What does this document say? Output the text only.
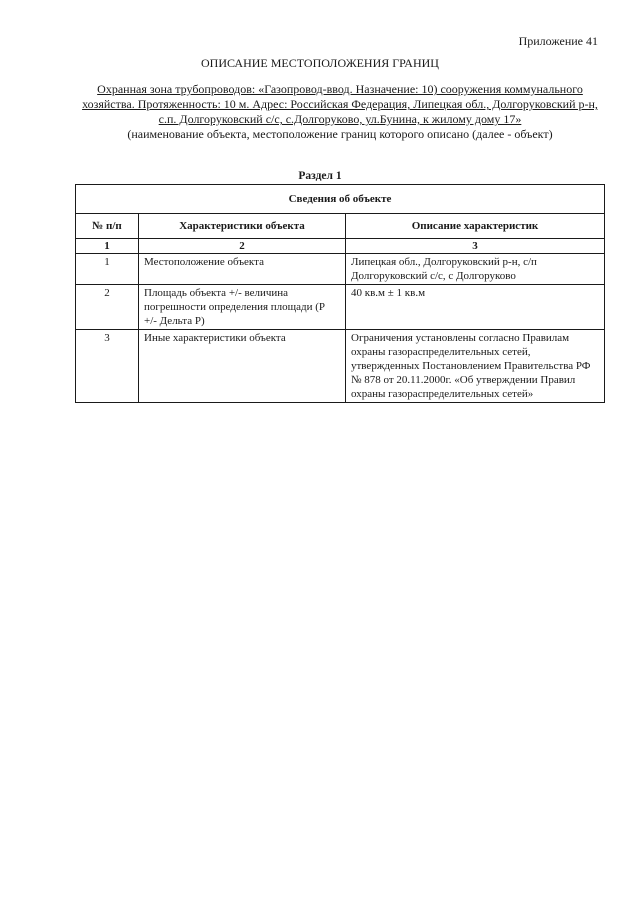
Приложение 41
ОПИСАНИЕ МЕСТОПОЛОЖЕНИЯ ГРАНИЦ
Охранная зона трубопроводов: «Газопровод-ввод. Назначение: 10) сооружения коммунального хозяйства. Протяженность: 10 м. Адрес: Российская Федерация, Липецкая обл., Долгоруковский р-н, с.п. Долгоруковский с/с, с.Долгоруково, ул.Бунина, к жилому дому 17»
(наименование объекта, местоположение границ которого описано (далее - объект)
Раздел 1
Сведения об объекте		
№ п/п	Характеристики объекта	Описание характеристик
1	2	3
1	Местоположение объекта	Липецкая обл., Долгоруковский р-н, с/п Долгоруковский с/с, с Долгоруково
2	Площадь объекта +/- величина погрешности определения площади (Р +/- Дельта Р)	40 кв.м ± 1 кв.м
3	Иные характеристики объекта	Ограничения установлены согласно Правилам охраны газораспределительных сетей, утвержденных Постановлением Правительства РФ № 878 от 20.11.2000г. «Об утверждении Правил охраны газораспределительных сетей»
